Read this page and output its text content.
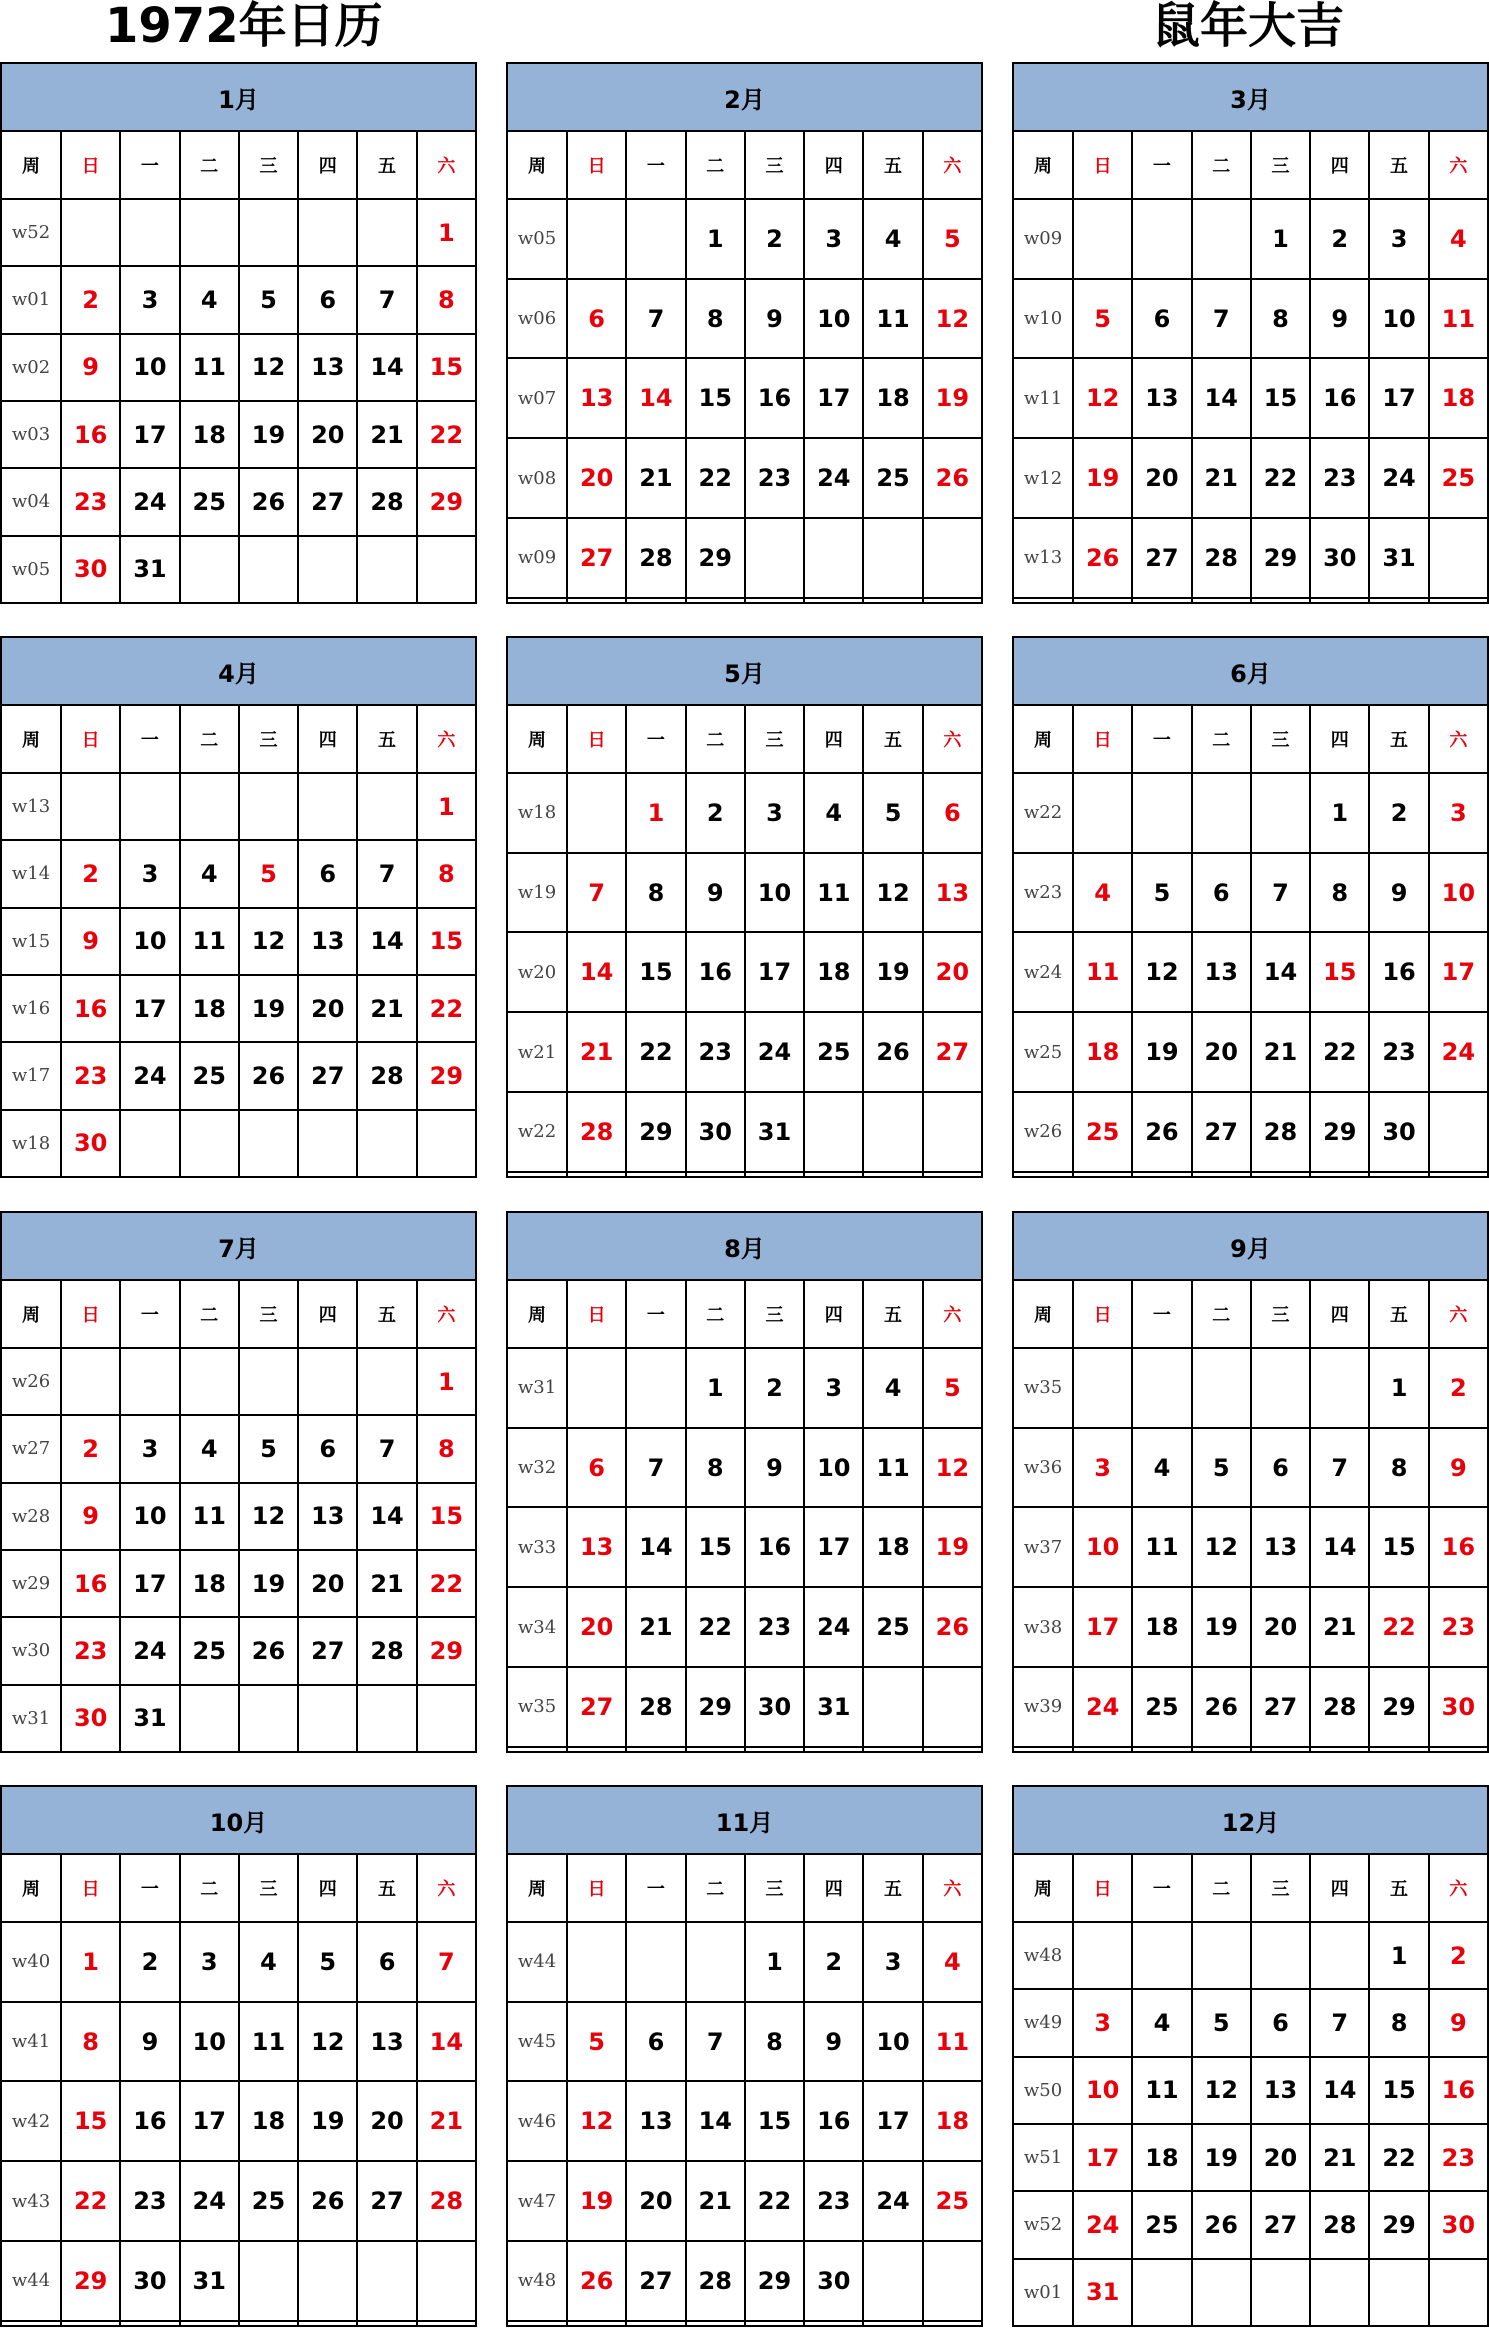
1972年日历	鼠年大吉
1月							
周	日	一	二	三	四	五	六
w52							1
w01	2	3	4	5	6	7	8
w02	9	10	11	12	13	14	15
w03	16	17	18	19	20	21	22
w04	23	24	25	26	27	28	29
w05	30	31					
2月							
周	日	一	二	三	四	五	六
w05			1	2	3	4	5
w06	6	7	8	9	10	11	12
w07	13	14	15	16	17	18	19
w08	20	21	22	23	24	25	26
w09	27	28	29				

3月							
周	日	一	二	三	四	五	六
w09				1	2	3	4
w10	5	6	7	8	9	10	11
w11	12	13	14	15	16	17	18
w12	19	20	21	22	23	24	25
w13	26	27	28	29	30	31	

4月							
周	日	一	二	三	四	五	六
w13							1
w14	2	3	4	5	6	7	8
w15	9	10	11	12	13	14	15
w16	16	17	18	19	20	21	22
w17	23	24	25	26	27	28	29
w18	30						
5月							
周	日	一	二	三	四	五	六
w18		1	2	3	4	5	6
w19	7	8	9	10	11	12	13
w20	14	15	16	17	18	19	20
w21	21	22	23	24	25	26	27
w22	28	29	30	31			

6月							
周	日	一	二	三	四	五	六
w22					1	2	3
w23	4	5	6	7	8	9	10
w24	11	12	13	14	15	16	17
w25	18	19	20	21	22	23	24
w26	25	26	27	28	29	30	

7月							
周	日	一	二	三	四	五	六
w26							1
w27	2	3	4	5	6	7	8
w28	9	10	11	12	13	14	15
w29	16	17	18	19	20	21	22
w30	23	24	25	26	27	28	29
w31	30	31					
8月							
周	日	一	二	三	四	五	六
w31			1	2	3	4	5
w32	6	7	8	9	10	11	12
w33	13	14	15	16	17	18	19
w34	20	21	22	23	24	25	26
w35	27	28	29	30	31		

9月							
周	日	一	二	三	四	五	六
w35						1	2
w36	3	4	5	6	7	8	9
w37	10	11	12	13	14	15	16
w38	17	18	19	20	21	22	23
w39	24	25	26	27	28	29	30

10月							
周	日	一	二	三	四	五	六
w40	1	2	3	4	5	6	7
w41	8	9	10	11	12	13	14
w42	15	16	17	18	19	20	21
w43	22	23	24	25	26	27	28
w44	29	30	31				

11月							
周	日	一	二	三	四	五	六
w44				1	2	3	4
w45	5	6	7	8	9	10	11
w46	12	13	14	15	16	17	18
w47	19	20	21	22	23	24	25
w48	26	27	28	29	30		

12月							
周	日	一	二	三	四	五	六
w48						1	2
w49	3	4	5	6	7	8	9
w50	10	11	12	13	14	15	16
w51	17	18	19	20	21	22	23
w52	24	25	26	27	28	29	30
w01	31						
